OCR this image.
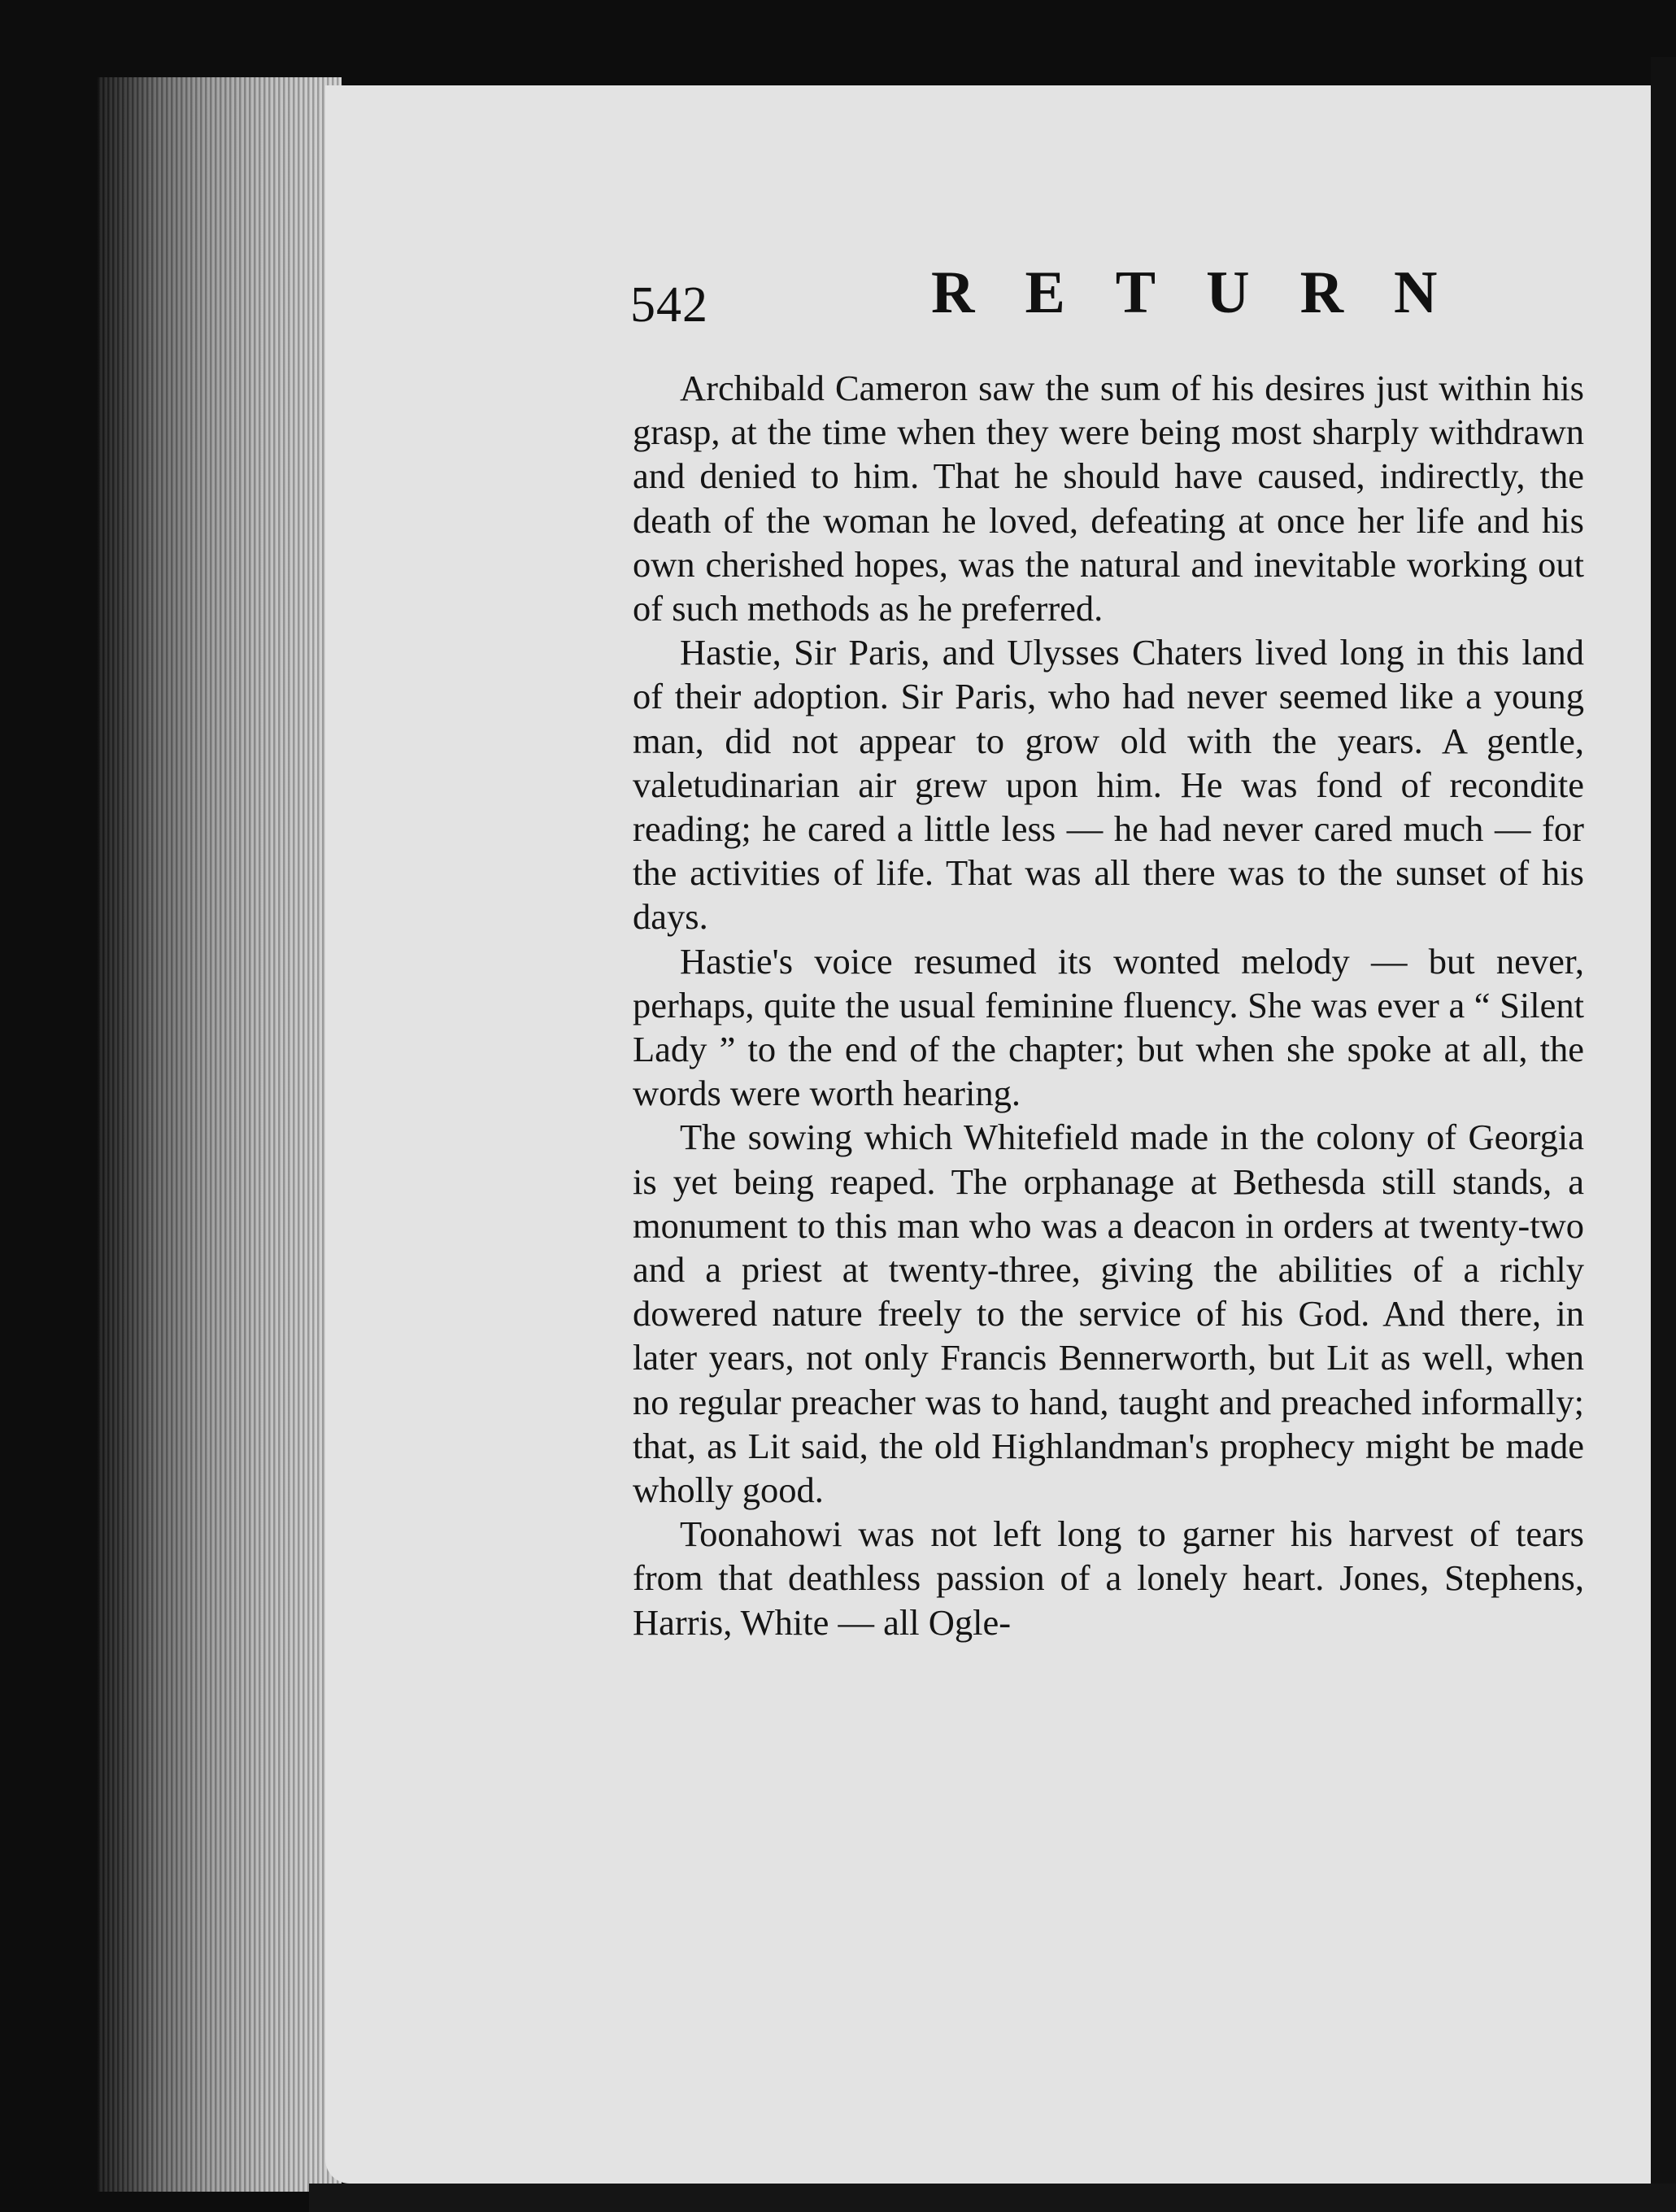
542	RETURN

Archibald Cameron saw the sum of his desires just within his grasp, at the time when they were being most sharply withdrawn and denied to him. That he should have caused, indirectly, the death of the woman he loved, defeating at once her life and his own cherished hopes, was the natural and inevitable working out of such methods as he preferred.

Hastie, Sir Paris, and Ulysses Chaters lived long in this land of their adoption. Sir Paris, who had never seemed like a young man, did not appear to grow old with the years. A gentle, valetudinarian air grew upon him. He was fond of recondite reading; he cared a little less — he had never cared much — for the activities of life. That was all there was to the sunset of his days.

Hastie's voice resumed its wonted melody — but never, perhaps, quite the usual feminine fluency. She was ever a “ Silent Lady ” to the end of the chapter; but when she spoke at all, the words were worth hearing.

The sowing which Whitefield made in the colony of Georgia is yet being reaped. The orphanage at Bethesda still stands, a monument to this man who was a deacon in orders at twenty-two and a priest at twenty-three, giving the abilities of a richly dowered nature freely to the service of his God. And there, in later years, not only Francis Bennerworth, but Lit as well, when no regular preacher was to hand, taught and preached informally; that, as Lit said, the old Highlandman's prophecy might be made wholly good.

Toonahowi was not left long to garner his harvest of tears from that deathless passion of a lonely heart. Jones, Stephens, Harris, White — all Ogle-
